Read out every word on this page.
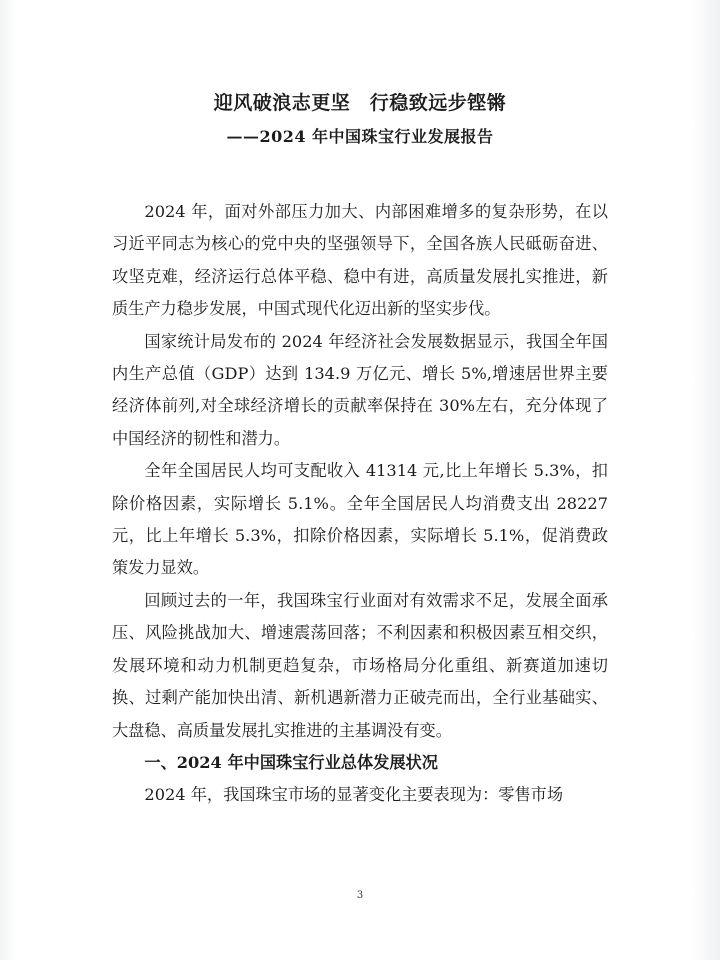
迎风破浪志更坚　行稳致远步铿锵
——2024 年中国珠宝行业发展报告

2024 年，面对外部压力加大、内部困难增多的复杂形势，在以习近平同志为核心的党中央的坚强领导下，全国各族人民砥砺奋进、攻坚克难，经济运行总体平稳、稳中有进，高质量发展扎实推进，新质生产力稳步发展，中国式现代化迈出新的坚实步伐。

国家统计局发布的 2024 年经济社会发展数据显示，我国全年国内生产总值（GDP）达到 134.9 万亿元、增长 5%,增速居世界主要经济体前列,对全球经济增长的贡献率保持在 30%左右，充分体现了中国经济的韧性和潜力。

全年全国居民人均可支配收入 41314 元,比上年增长 5.3%，扣除价格因素，实际增长 5.1%。全年全国居民人均消费支出 28227 元，比上年增长 5.3%，扣除价格因素，实际增长 5.1%，促消费政策发力显效。

回顾过去的一年，我国珠宝行业面对有效需求不足，发展全面承压、风险挑战加大、增速震荡回落；不利因素和积极因素互相交织，发展环境和动力机制更趋复杂，市场格局分化重组、新赛道加速切换、过剩产能加快出清、新机遇新潜力正破壳而出，全行业基础实、大盘稳、高质量发展扎实推进的主基调没有变。

一、2024 年中国珠宝行业总体发展状况

2024 年，我国珠宝市场的显著变化主要表现为：零售市场

3
